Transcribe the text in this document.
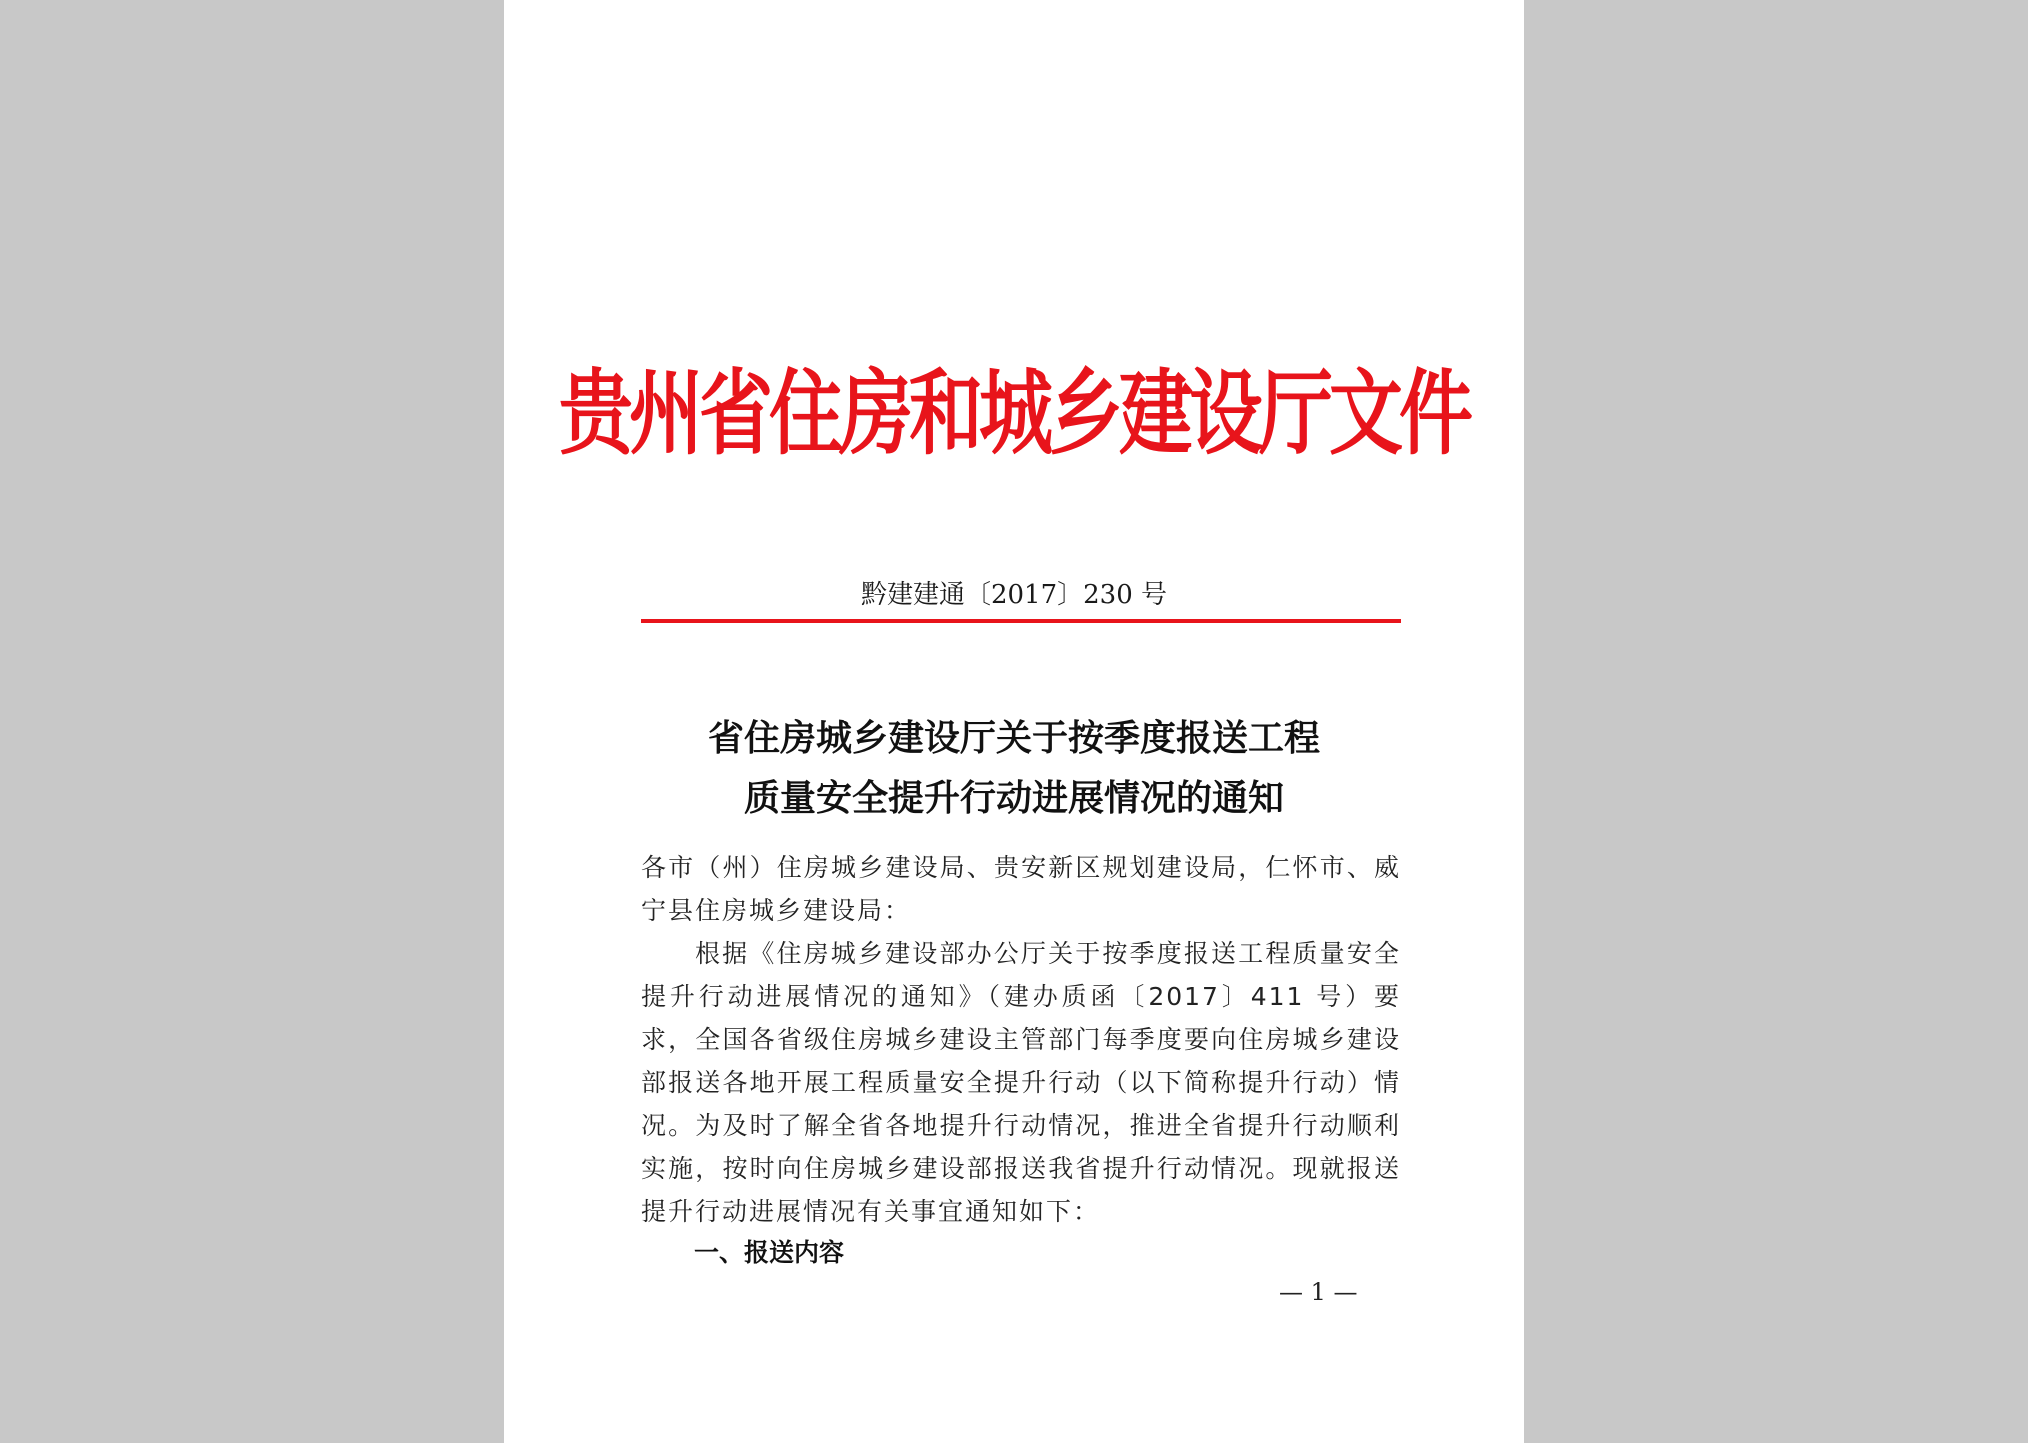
贵州省住房和城乡建设厅文件
黔建建通〔2017〕230 号
省住房城乡建设厅关于按季度报送工程
质量安全提升行动进展情况的通知

各市（州）住房城乡建设局、贵安新区规划建设局，仁怀市、威宁县住房城乡建设局：

根据《住房城乡建设部办公厅关于按季度报送工程质量安全提升行动进展情况的通知》（建办质函〔2017〕411 号）要求，全国各省级住房城乡建设主管部门每季度要向住房城乡建设部报送各地开展工程质量安全提升行动（以下简称提升行动）情况。为及时了解全省各地提升行动情况，推进全省提升行动顺利实施，按时向住房城乡建设部报送我省提升行动情况。现就报送提升行动进展情况有关事宜通知如下：

一、报送内容
— 1 —
